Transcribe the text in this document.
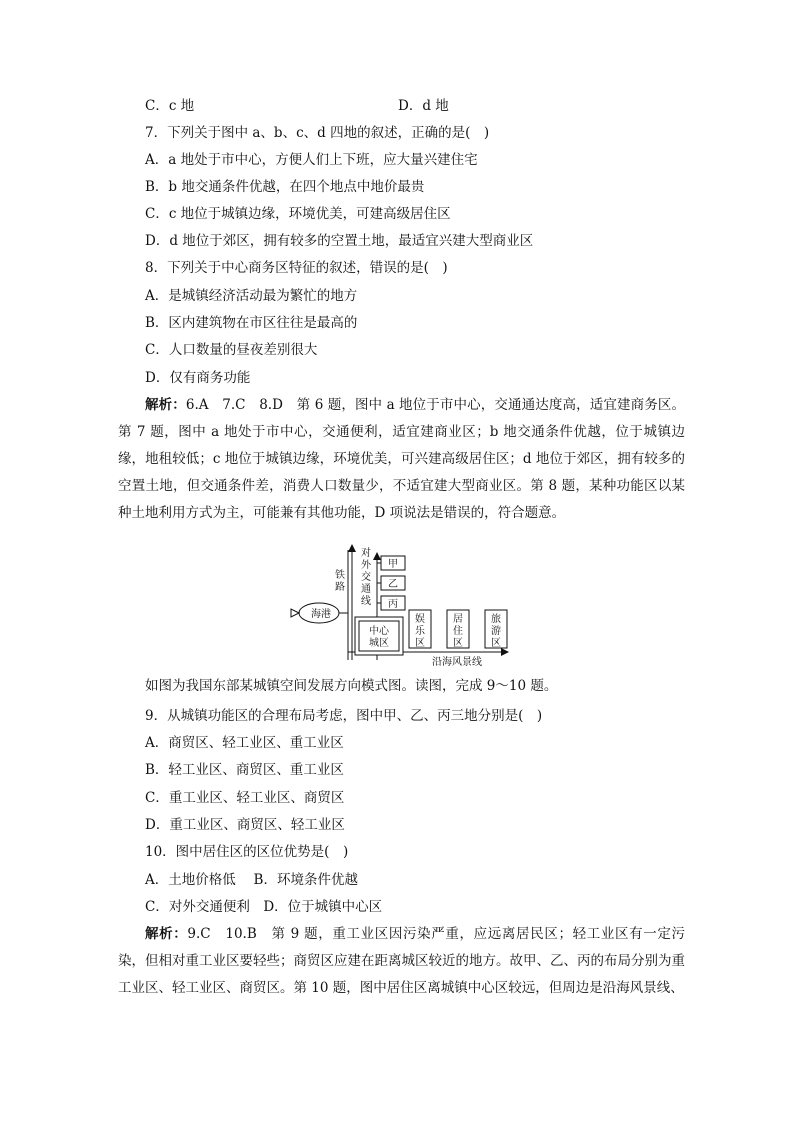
C．c 地	D．d 地
7．下列关于图中 a、b、c、d 四地的叙述，正确的是(　)
A．a 地处于市中心，方便人们上下班，应大量兴建住宅
B．b 地交通条件优越，在四个地点中地价最贵
C．c 地位于城镇边缘，环境优美，可建高级居住区
D．d 地位于郊区，拥有较多的空置土地，最适宜兴建大型商业区
8．下列关于中心商务区特征的叙述，错误的是(　)
A．是城镇经济活动最为繁忙的地方
B．区内建筑物在市区往往是最高的
C．人口数量的昼夜差别很大
D．仅有商务功能
解析：6.A　7.C　8.D　第 6 题，图中 a 地位于市中心，交通通达度高，适宜建商务区。第 7 题，图中 a 地处于市中心，交通便利，适宜建商业区；b 地交通条件优越，位于城镇边缘，地租较低；c 地位于城镇边缘，环境优美，可兴建高级居住区；d 地位于郊区，拥有较多的空置土地，但交通条件差，消费人口数量少，不适宜建大型商业区。第 8 题，某种功能区以某种土地利用方式为主，可能兼有其他功能，D 项说法是错误的，符合题意。
铁
路
对
外
交
通
线
甲
乙
丙
海港
中心
城区
娱
乐
区
居
住
区
旅
游
区
沿海风景线
如图为我国东部某城镇空间发展方向模式图。读图，完成 9～10 题。
9．从城镇功能区的合理布局考虑，图中甲、乙、丙三地分别是(　)
A．商贸区、轻工业区、重工业区
B．轻工业区、商贸区、重工业区
C．重工业区、轻工业区、商贸区
D．重工业区、商贸区、轻工业区
10．图中居住区的区位优势是(　)
A．土地价格低　 B．环境条件优越
C．对外交通便利　D．位于城镇中心区
解析：9.C　10.B　第 9 题，重工业区因污染严重，应远离居民区；轻工业区有一定污染，但相对重工业区要轻些；商贸区应建在距离城区较近的地方。故甲、乙、丙的布局分别为重工业区、轻工业区、商贸区。第 10 题，图中居住区离城镇中心区较远，但周边是沿海风景线、
